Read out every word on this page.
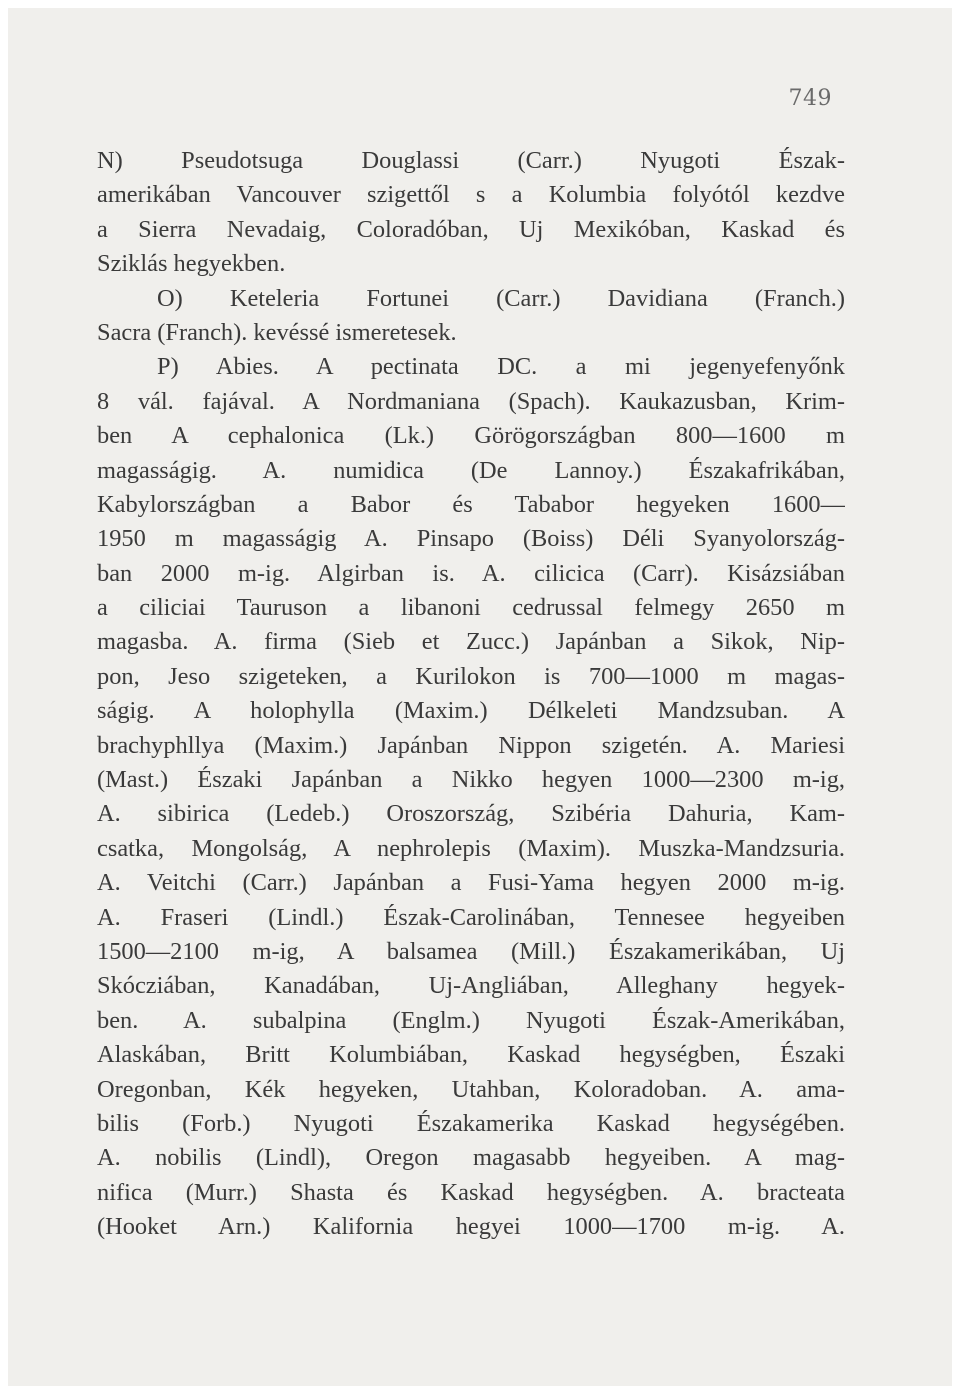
749
N) Pseudotsuga Douglassi (Carr.) Nyugoti Észak-
amerikában Vancouver szigettől s a Kolumbia folyótól kezdve
a Sierra Nevadaig, Coloradóban, Uj Mexikóban, Kaskad és
Sziklás hegyekben.
O) Keteleria Fortunei (Carr.) Davidiana (Franch.)
Sacra (Franch). kevéssé ismeretesek.
P) Abies. A pectinata DC. a mi jegenyefenyőnk
8 vál. fajával. A Nordmaniana (Spach). Kaukazusban, Krim-
ben A cephalonica (Lk.) Görögországban 800—1600 m
magasságig. A. numidica (De Lannoy.) Északafrikában,
Kabylországban a Babor és Tababor hegyeken 1600—
1950 m magasságig A. Pinsapo (Boiss) Déli Syanyolország-
ban 2000 m-ig. Algirban is. A. cilicica (Carr). Kisázsiában
a ciliciai Tauruson a libanoni cedrussal felmegy 2650 m
magasba. A. firma (Sieb et Zucc.) Japánban a Sikok, Nip-
pon, Jeso szigeteken, a Kurilokon is 700—1000 m magas-
ságig. A holophylla (Maxim.) Délkeleti Mandzsuban. A
brachyphllya (Maxim.) Japánban Nippon szigetén. A. Mariesi
(Mast.) Északi Japánban a Nikko hegyen 1000—2300 m-ig,
A. sibirica (Ledeb.) Oroszország, Szibéria Dahuria, Kam-
csatka, Mongolság, A nephrolepis (Maxim). Muszka-Mandzsuria.
A. Veitchi (Carr.) Japánban a Fusi-Yama hegyen 2000 m-ig.
A. Fraseri (Lindl.) Észak-Carolinában, Tennesee hegyeiben
1500—2100 m-ig, A balsamea (Mill.) Északamerikában, Uj
Skócziában, Kanadában, Uj-Angliában, Alleghany hegyek-
ben. A. subalpina (Englm.) Nyugoti Észak-Amerikában,
Alaskában, Britt Kolumbiában, Kaskad hegységben, Északi
Oregonban, Kék hegyeken, Utahban, Koloradoban. A. ama-
bilis (Forb.) Nyugoti Északamerika Kaskad hegységében.
A. nobilis (Lindl), Oregon magasabb hegyeiben. A mag-
nifica (Murr.) Shasta és Kaskad hegységben. A. bracteata
(Hooket Arn.) Kalifornia hegyei 1000—1700 m-ig. A.
